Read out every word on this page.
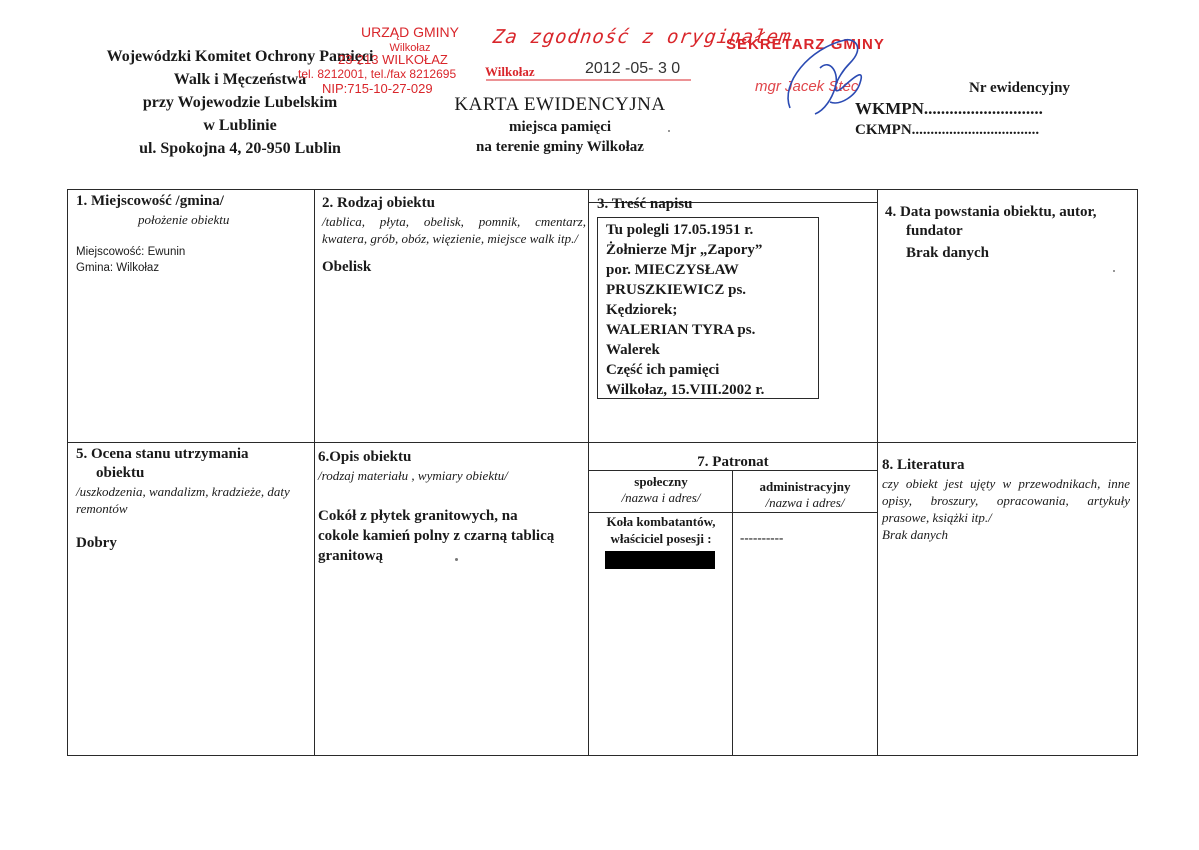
Wojewódzki Komitet Ochrony Pamięci
Walk i Męczeństwa
przy Wojewodzie Lubelskim
w Lublinie
ul. Spokojna 4, 20-950 Lublin
URZĄD GMINY
Wilkołaz
23-213 WILKOŁAZ
tel. 8212001, tel./fax 8212695
NIP:715-10-27-029
Za zgodność z oryginałem
Wilkołaz	2012 -05- 3 0
SEKRETARZ GMINY
mgr Jacek Stec
KARTA EWIDENCYJNA
miejsca pamięci
na terenie gminy Wilkołaz
Nr ewidencyjny
WKMPN............................
CKMPN..................................
1. Miejscowość /gmina/
położenie obiektu
Miejscowość: Ewunin
Gmina: Wilkołaz
2. Rodzaj obiektu
/tablica, płyta, obelisk, pomnik, cmentarz, kwatera, grób, obóz, więzienie, miejsce walk itp./
Obelisk
3. Treść napisu
Tu polegli 17.05.1951 r.
Żołnierze Mjr „Zapory”
por. MIECZYSŁAW
PRUSZKIEWICZ ps.
Kędziorek;
WALERIAN TYRA ps.
Walerek
Część ich pamięci
Wilkołaz, 15.VIII.2002 r.
4. Data powstania obiektu, autor,
fundator
Brak danych
5. Ocena stanu utrzymania
obiektu
/uszkodzenia, wandalizm, kradzieże, daty remontów
Dobry
6.Opis obiektu
/rodzaj materiału , wymiary obiektu/
Cokół z płytek granitowych, na cokole kamień polny z czarną tablicą granitową
7. Patronat
społeczny
/nazwa i adres/
administracyjny
/nazwa i adres/
Koła kombatantów,
właściciel posesji :	----------
8. Literatura
czy obiekt jest ujęty w przewodnikach, inne opisy, broszury, opracowania, artykuły prasowe, książki itp./
Brak danych
